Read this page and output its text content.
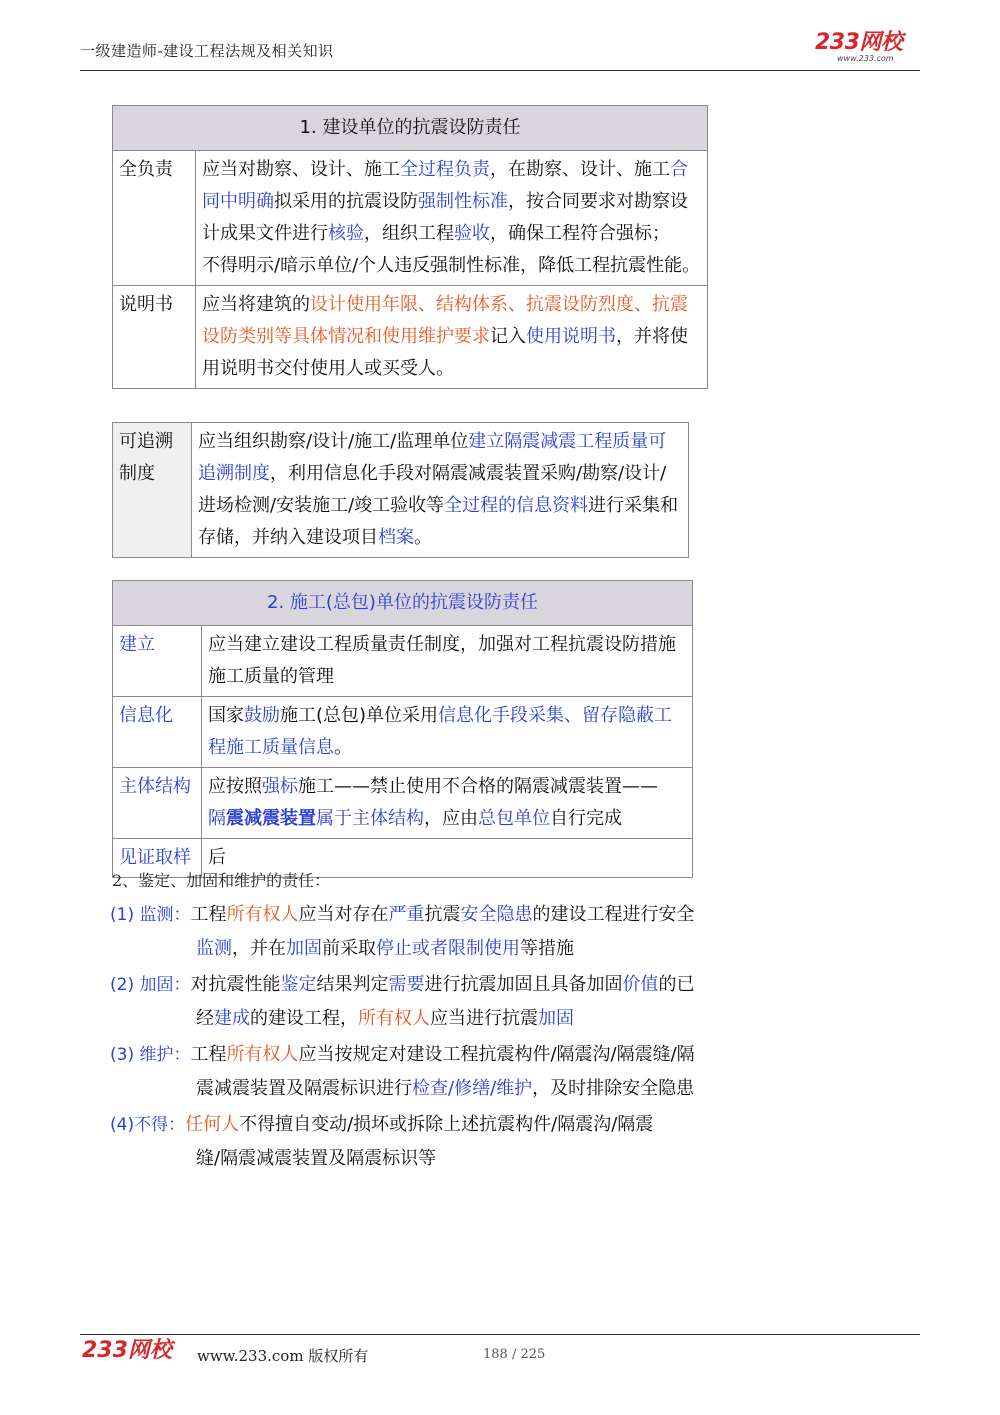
一级建造师-建设工程法规及相关知识	233网校
www.233.com
1. 建设单位的抗震设防责任	
全负责	应当对勘察、设计、施工全过程负责，在勘察、设计、施工合同中明确拟采用的抗震设防强制性标准，按合同要求对勘察设计成果文件进行核验，组织工程验收，确保工程符合强标；
不得明示/暗示单位/个人违反强制性标准，降低工程抗震性能。
说明书	应当将建筑的设计使用年限、结构体系、抗震设防烈度、抗震设防类别等具体情况和使用维护要求记入使用说明书，并将使用说明书交付使用人或买受人。
可追溯制度	应当组织勘察/设计/施工/监理单位建立隔震减震工程质量可追溯制度，利用信息化手段对隔震减震装置采购/勘察/设计/进场检测/安装施工/竣工验收等全过程的信息资料进行采集和存储，并纳入建设项目档案。
2. 施工(总包)单位的抗震设防责任	
建立	应当建立建设工程质量责任制度，加强对工程抗震设防措施施工质量的管理
信息化	国家鼓励施工(总包)单位采用信息化手段采集、留存隐蔽工程施工质量信息。
主体结构	应按照强标施工——禁止使用不合格的隔震减震装置——
隔震减震装置属于主体结构，应由总包单位自行完成
见证取样	后
2、鉴定、加固和维护的责任：
(1) 监测：工程所有权人应当对存在严重抗震安全隐患的建设工程进行安全
监测，并在加固前采取停止或者限制使用等措施
(2) 加固：对抗震性能鉴定结果判定需要进行抗震加固且具备加固价值的已
经建成的建设工程，所有权人应当进行抗震加固
(3) 维护：工程所有权人应当按规定对建设工程抗震构件/隔震沟/隔震缝/隔
震减震装置及隔震标识进行检查/修缮/维护，及时排除安全隐患
(4)不得：任何人不得擅自变动/损坏或拆除上述抗震构件/隔震沟/隔震
缝/隔震减震装置及隔震标识等
233网校 www.233.com 版权所有	188 / 225
